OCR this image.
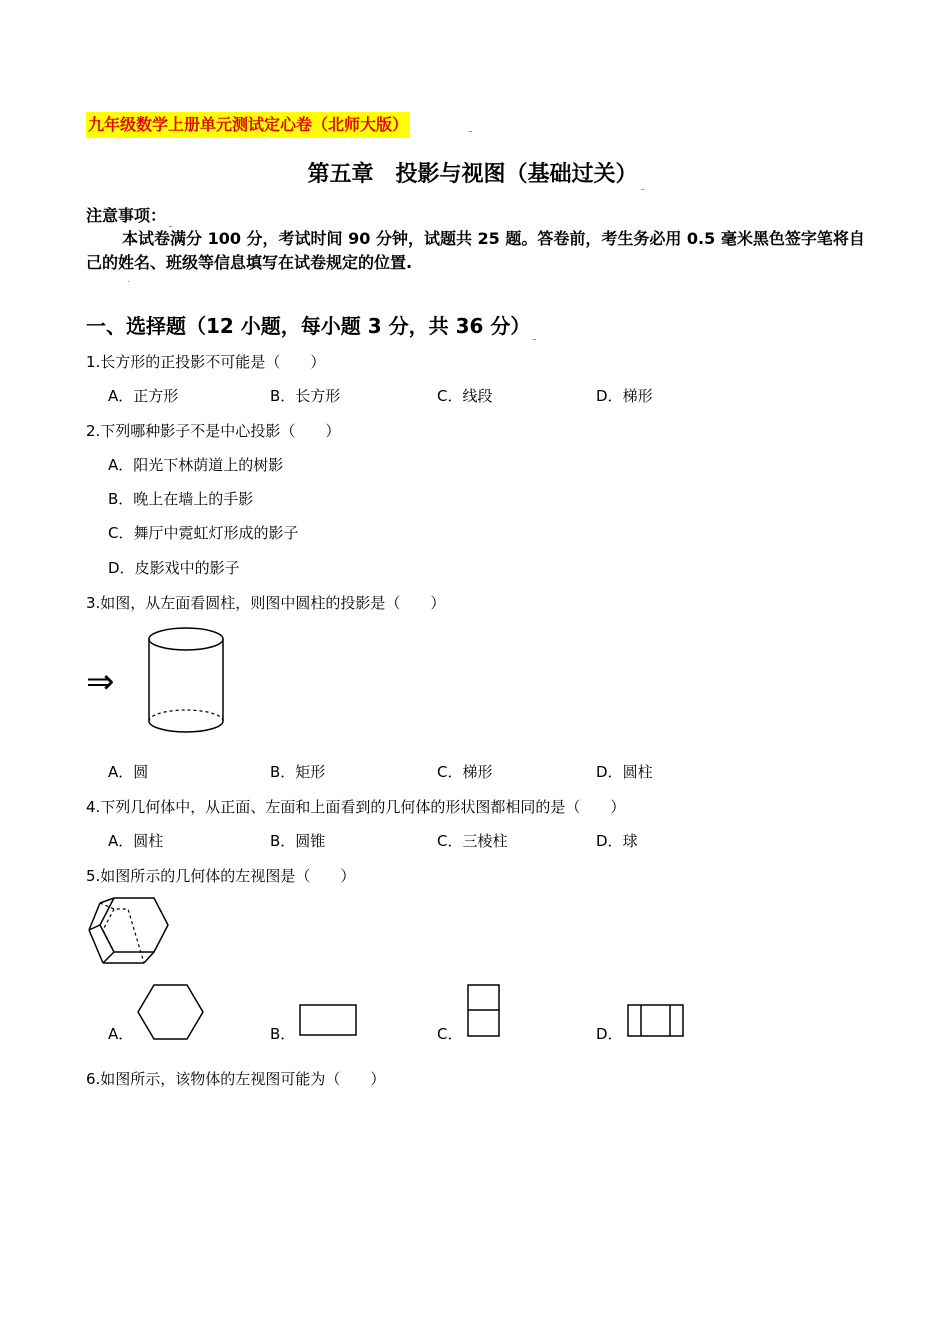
九年级数学上册单元测试定心卷（北师大版）
第五章　投影与视图（基础过关）
注意事项：
本试卷满分 100 分，考试时间 90 分钟，试题共 25 题。答卷前，考生务必用 0.5 毫米黑色签字笔将自己的姓名、班级等信息填写在试卷规定的位置.
.
一、选择题（12 小题，每小题 3 分，共 36 分）
1.长方形的正投影不可能是（　　）
A．正方形	B．长方形	C．线段	D．梯形
2.下列哪种影子不是中心投影（　　）
A．阳光下林荫道上的树影
B．晚上在墙上的手影
C．舞厅中霓虹灯形成的影子
D．皮影戏中的影子
3.如图，从左面看圆柱，则图中圆柱的投影是（　　）
⇒
A．圆	B．矩形	C．梯形	D．圆柱
4.下列几何体中，从正面、左面和上面看到的几何体的形状图都相同的是（　　）
A．圆柱	B．圆锥	C．三棱柱	D．球
5.如图所示的几何体的左视图是（　　）
A．	B．	C．	D．
6.如图所示，该物体的左视图可能为（　　）
